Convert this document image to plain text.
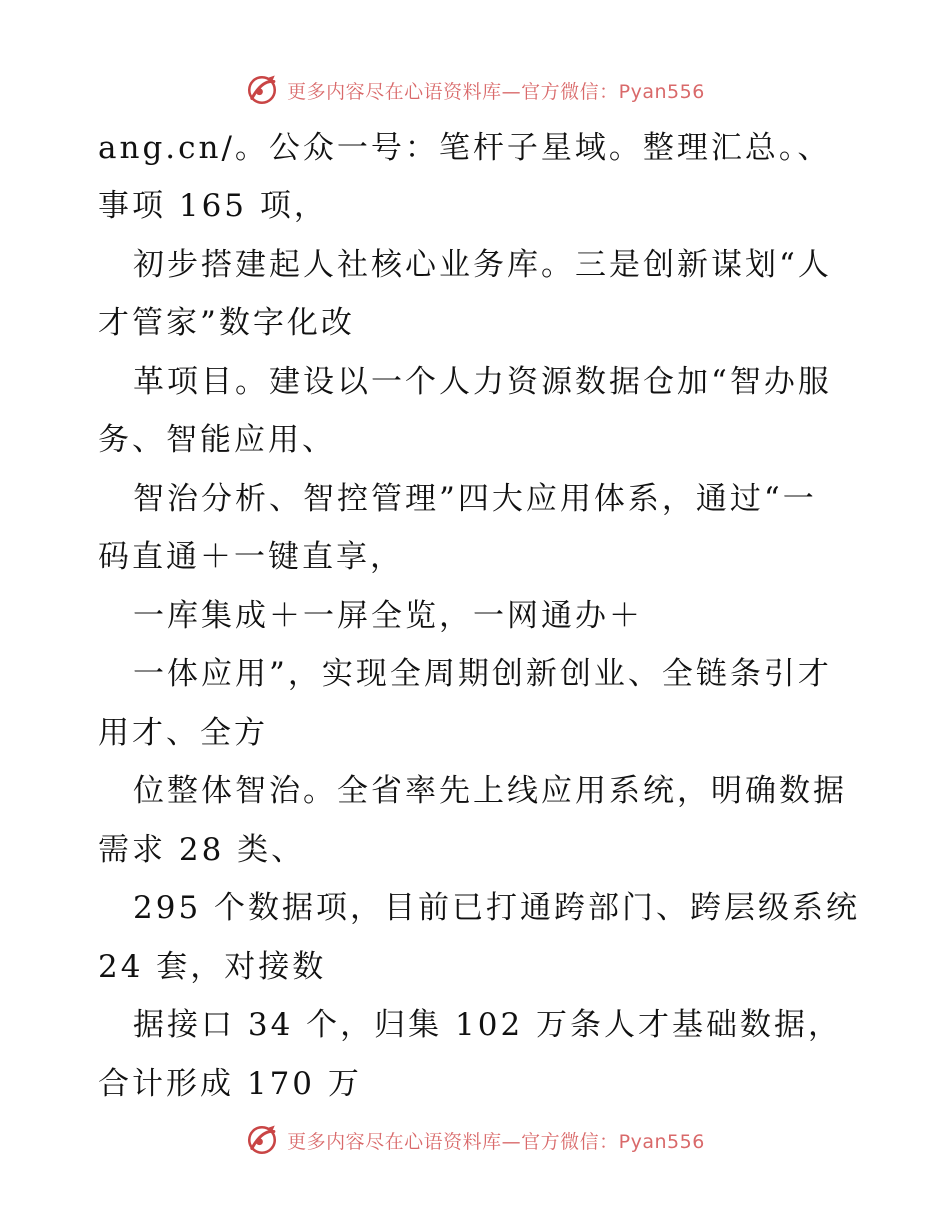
更多内容尽在心语资料库—官方微信：Pyan556
ang.cn/。公众一号：笔杆子星域。整理汇总。、
事项 165 项，
初步搭建起人社核心业务库。三是创新谋划“人
才管家”数字化改
革项目。建设以一个人力资源数据仓加“智办服
务、智能应用、
智治分析、智控管理”四大应用体系，通过“一
码直通＋一键直享，
一库集成＋一屏全览，一网通办＋
一体应用”，实现全周期创新创业、全链条引才
用才、全方
位整体智治。全省率先上线应用系统，明确数据
需求 28 类、
295 个数据项，目前已打通跨部门、跨层级系统
24 套，对接数
据接口 34 个，归集 102 万条人才基础数据，
合计形成 170 万
更多内容尽在心语资料库—官方微信：Pyan556
